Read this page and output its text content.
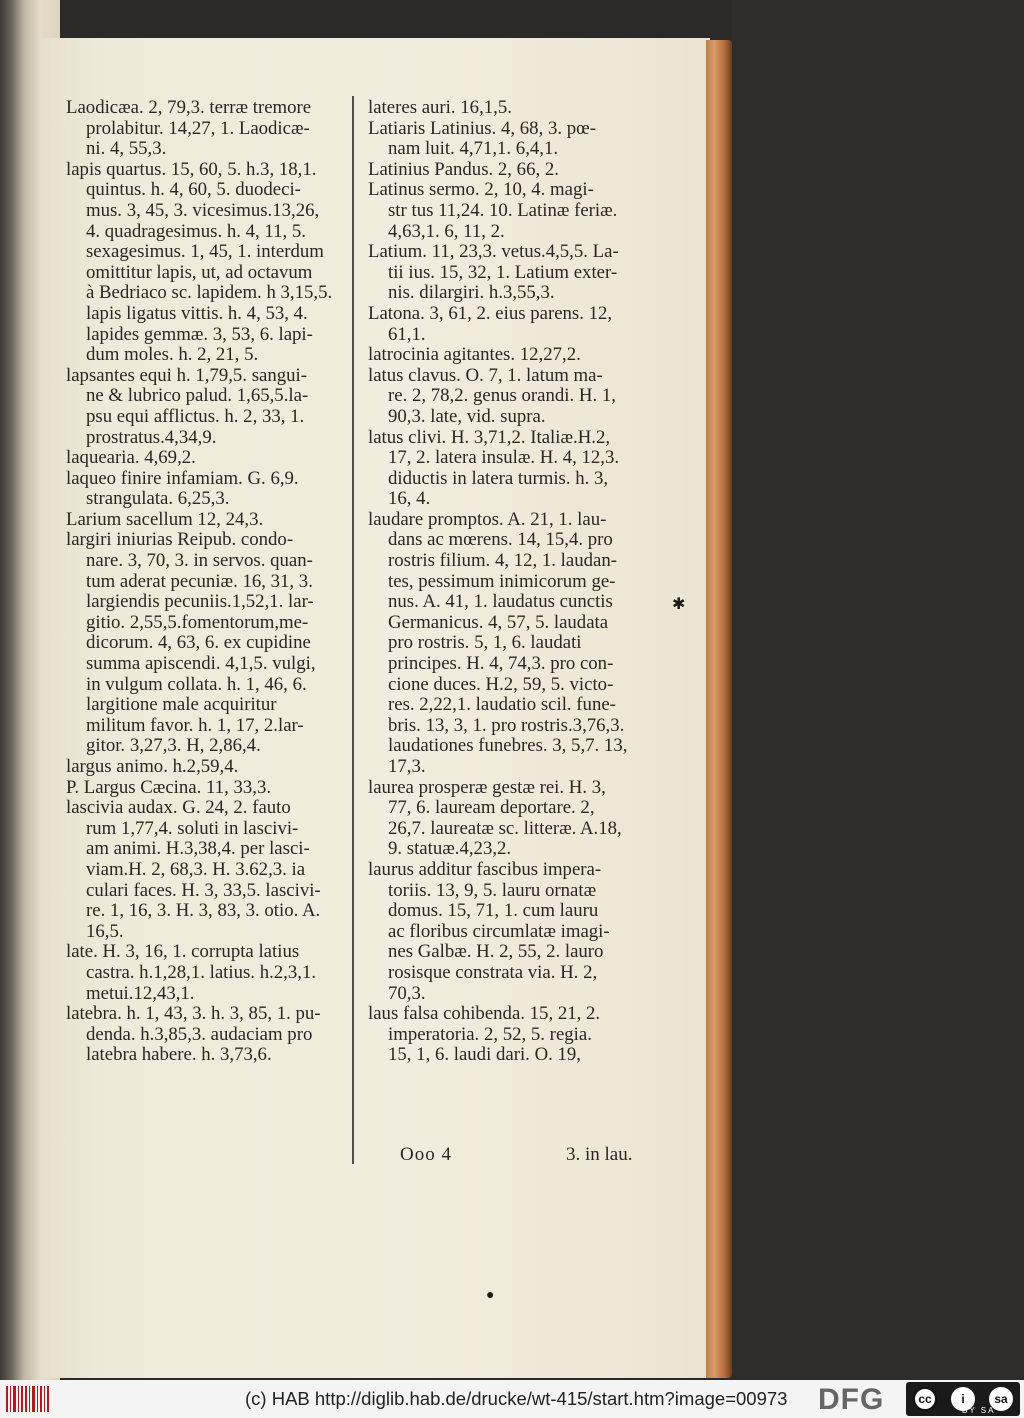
Laodicæa. 2, 79,3. terræ tremore
prolabitur. 14,27, 1. Laodicæ-
ni. 4, 55,3.

lapis quartus. 15, 60, 5. h.3, 18,1.
quintus. h. 4, 60, 5. duodeci-
mus. 3, 45, 3. vicesimus.13,26,
4. quadragesimus. h. 4, 11, 5.
sexagesimus. 1, 45, 1. interdum
omittitur lapis, ut, ad octavum
à Bedriaco sc. lapidem. h 3,15,5.
lapis ligatus vittis. h. 4, 53, 4.
lapides gemmæ. 3, 53, 6. lapi-
dum moles. h. 2, 21, 5.

lapsantes equi h. 1,79,5. sangui-
ne & lubrico palud. 1,65,5.la-
psu equi afflictus. h. 2, 33, 1.
prostratus.4,34,9.

laquearia. 4,69,2.

laqueo finire infamiam. G. 6,9.
strangulata. 6,25,3.

Larium sacellum 12, 24,3.

largiri iniurias Reipub. condo-
nare. 3, 70, 3. in servos. quan-
tum aderat pecuniæ. 16, 31, 3.
largiendis pecuniis.1,52,1. lar-
gitio. 2,55,5.fomentorum,me-
dicorum. 4, 63, 6. ex cupidine
summa apiscendi. 4,1,5. vulgi,
in vulgum collata. h. 1, 46, 6.
largitione male acquiritur
militum favor. h. 1, 17, 2.lar-
gitor. 3,27,3. H, 2,86,4.

largus animo. h.2,59,4.

P. Largus Cæcina. 11, 33,3.

lascivia audax. G. 24, 2. fauto
rum 1,77,4. soluti in lascivi-
am animi. H.3,38,4. per lasci-
viam.H. 2, 68,3. H. 3.62,3. ia
culari faces. H. 3, 33,5. lascivi-
re. 1, 16, 3. H. 3, 83, 3. otio. A.
16,5.

late. H. 3, 16, 1. corrupta latius
castra. h.1,28,1. latius. h.2,3,1.
metui.12,43,1.

latebra. h. 1, 43, 3. h. 3, 85, 1. pu-
denda. h.3,85,3. audaciam pro
latebra habere. h. 3,73,6.

lateres auri. 16,1,5.

Latiaris Latinius. 4, 68, 3. pœ-
nam luit. 4,71,1. 6,4,1.

Latinius Pandus. 2, 66, 2.

Latinus sermo. 2, 10, 4. magi-
str tus 11,24. 10. Latinæ feriæ.
4,63,1. 6, 11, 2.

Latium. 11, 23,3. vetus.4,5,5. La-
tii ius. 15, 32, 1. Latium exter-
nis. dilargiri. h.3,55,3.

Latona. 3, 61, 2. eius parens. 12,
61,1.

latrocinia agitantes. 12,27,2.

latus clavus. O. 7, 1. latum ma-
re. 2, 78,2. genus orandi. H. 1,
90,3. late, vid. supra.

latus clivi. H. 3,71,2. Italiæ.H.2,
17, 2. latera insulæ. H. 4, 12,3.
diductis in latera turmis. h. 3,
16, 4.

laudare promptos. A. 21, 1. lau-
dans ac mœrens. 14, 15,4. pro
rostris filium. 4, 12, 1. laudan-
tes, pessimum inimicorum ge-
nus. A. 41, 1. laudatus cunctis
Germanicus. 4, 57, 5. laudata
pro rostris. 5, 1, 6. laudati
principes. H. 4, 74,3. pro con-
cione duces. H.2, 59, 5. victo-
res. 2,22,1. laudatio scil. fune-
bris. 13, 3, 1. pro rostris.3,76,3.
laudationes funebres. 3, 5,7. 13,
17,3.

laurea prosperæ gestæ rei. H. 3,
77, 6. lauream deportare. 2,
26,7. laureatæ sc. litteræ. A.18,
9. statuæ.4,23,2.

laurus additur fascibus impera-
toriis. 13, 9, 5. lauru ornatæ
domus. 15, 71, 1. cum lauru
ac floribus circumlatæ imagi-
nes Galbæ. H. 2, 55, 2. lauro
rosisque constrata via. H. 2,
70,3.

laus falsa cohibenda. 15, 21, 2.
imperatoria. 2, 52, 5. regia.
15, 1, 6. laudi dari. O. 19,

Ooo 4	3. in lau.
✱
●
(c) HAB http://diglib.hab.de/drucke/wt-415/start.htm?image=00973 DFG	cc	i	sa
BY SA
